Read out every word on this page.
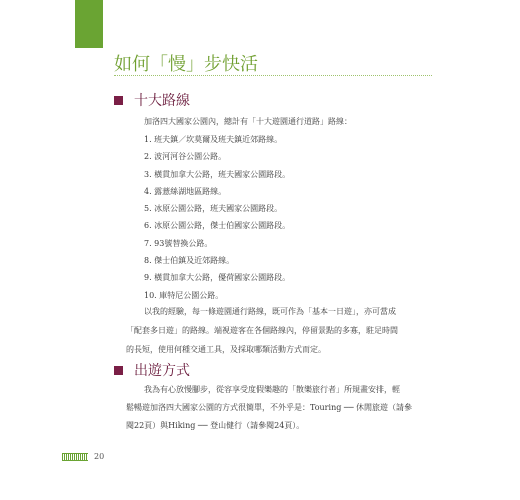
如何「慢」步快活
十大路線

加洛四大國家公園內，總計有「十大遊園通行道路」路線：

1. 班夫鎮／坎莫爾及班夫鎮近郊路線。
2. 波河河谷公園公路。
3. 橫貫加拿大公路，班夫國家公園路段。
4. 露薏絲湖地區路線。
5. 冰原公園公路，班夫國家公園路段。
6. 冰原公園公路，傑士伯國家公園路段。
7. 93號替換公路。
8. 傑士伯鎮及近郊路線。
9. 橫貫加拿大公路，優荷國家公園路段。
10. 庫特尼公園公路。

以我的經驗，每一條遊園通行路線，既可作為「基本一日遊」，亦可當成

「配套多日遊」的路線。端視遊客在各個路線內，停留景點的多寡，駐足時間

的長短，使用何種交通工具，及採取哪類活動方式而定。

出遊方式

我為有心放慢腳步，從容享受度假樂趣的「散樂旅行者」所規畫安排，輕

鬆暢遊加洛四大國家公園的方式很簡單，不外乎是：Touring ── 休閒旅遊（請參

閱22頁）與Hiking ── 登山健行（請參閱24頁）。

20
